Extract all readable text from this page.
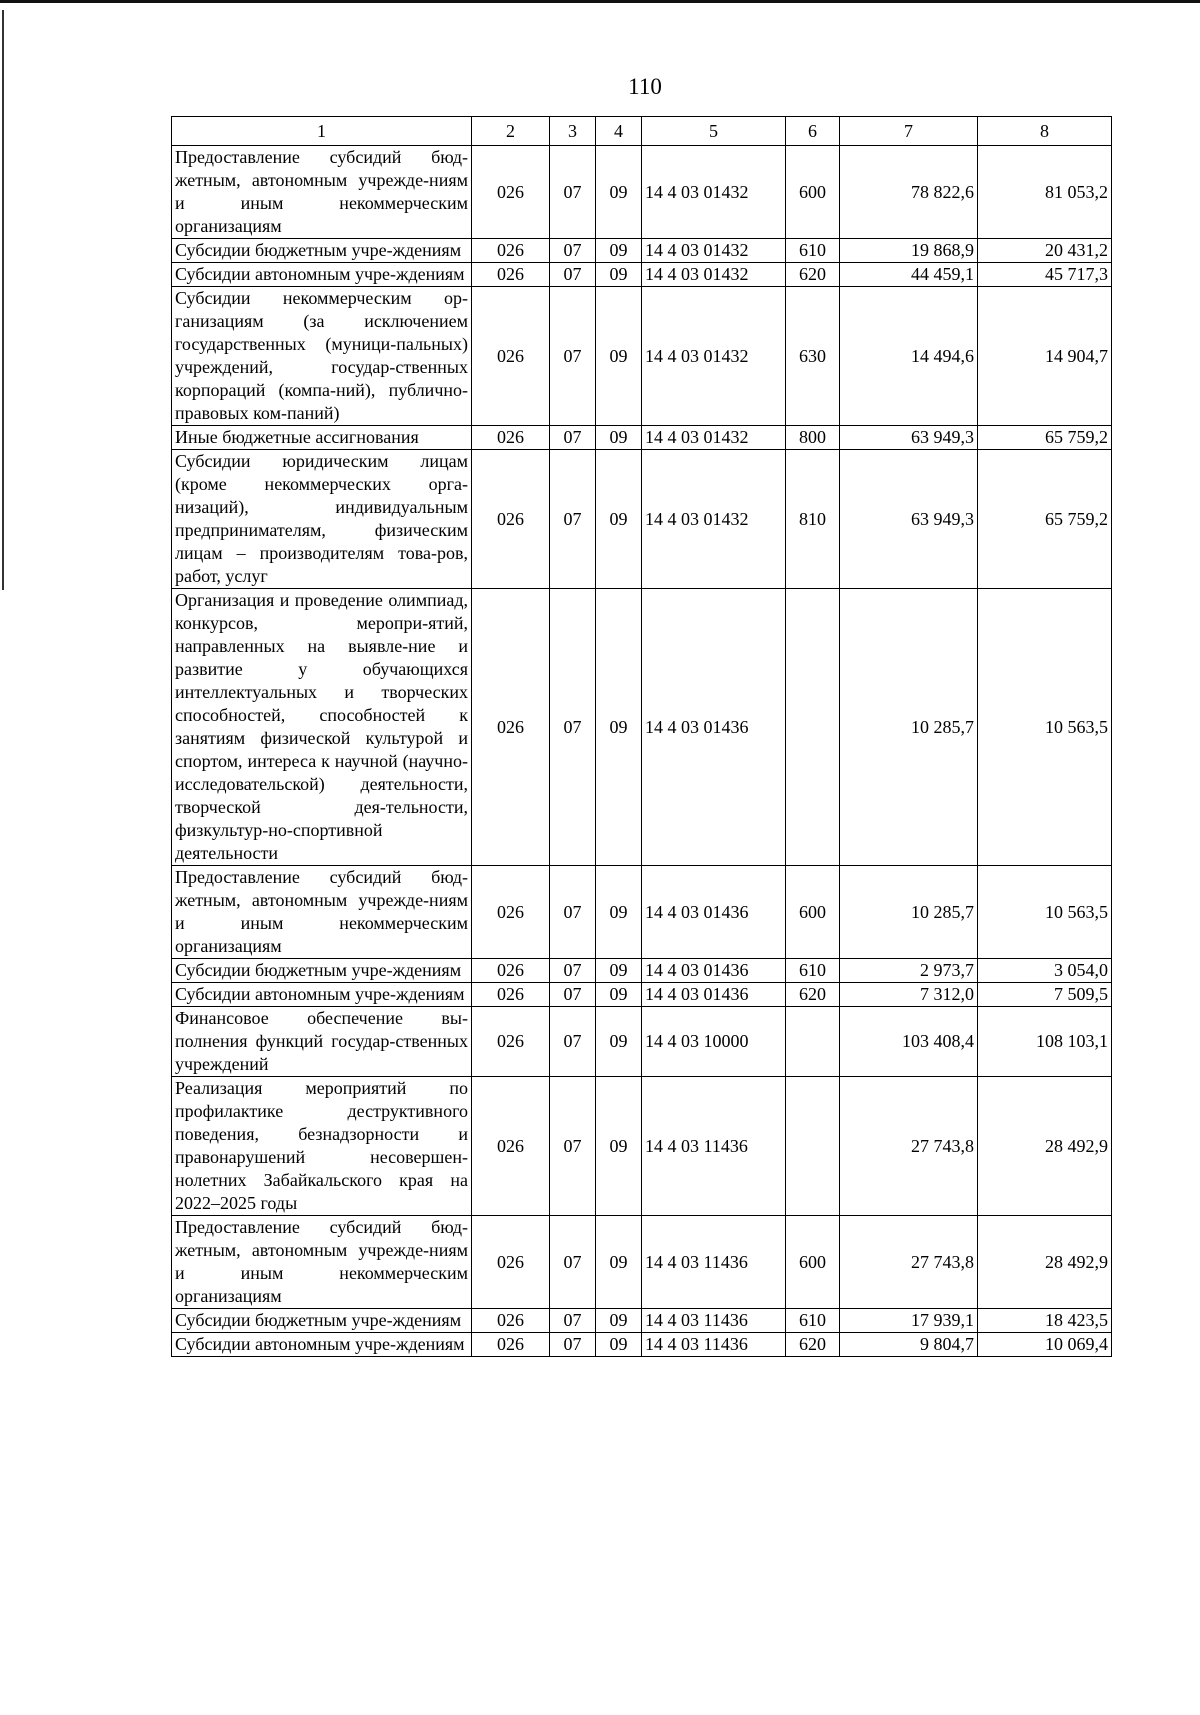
110
1	2	3	4	5	6	7	8
Предоставление субсидий бюд-жетным, автономным учрежде-ниям и иным некоммерческим организациям	026	07	09	14 4 03 01432	600	78 822,6	81 053,2
Субсидии бюджетным учре-ждениям	026	07	09	14 4 03 01432	610	19 868,9	20 431,2
Субсидии автономным учре-ждениям	026	07	09	14 4 03 01432	620	44 459,1	45 717,3
Субсидии некоммерческим ор-ганизациям (за исключением государственных (муници-пальных) учреждений, государ-ственных корпораций (компа-ний), публично-правовых ком-паний)	026	07	09	14 4 03 01432	630	14 494,6	14 904,7
Иные бюджетные ассигнования	026	07	09	14 4 03 01432	800	63 949,3	65 759,2
Субсидии юридическим лицам (кроме некоммерческих орга-низаций), индивидуальным предпринимателям, физическим лицам – производителям това-ров, работ, услуг	026	07	09	14 4 03 01432	810	63 949,3	65 759,2
Организация и проведение олимпиад, конкурсов, меропри-ятий, направленных на выявле-ние и развитие у обучающихся интеллектуальных и творческих способностей, способностей к занятиям физической культурой и спортом, интереса к научной (научно-исследовательской) деятельности, творческой дея-тельности, физкультур-но-спортивной деятельности	026	07	09	14 4 03 01436		10 285,7	10 563,5
Предоставление субсидий бюд-жетным, автономным учрежде-ниям и иным некоммерческим организациям	026	07	09	14 4 03 01436	600	10 285,7	10 563,5
Субсидии бюджетным учре-ждениям	026	07	09	14 4 03 01436	610	2 973,7	3 054,0
Субсидии автономным учре-ждениям	026	07	09	14 4 03 01436	620	7 312,0	7 509,5
Финансовое обеспечение вы-полнения функций государ-ственных учреждений	026	07	09	14 4 03 10000		103 408,4	108 103,1
Реализация мероприятий по профилактике деструктивного поведения, безнадзорности и правонарушений несовершен-нолетних Забайкальского края на 2022–2025 годы	026	07	09	14 4 03 11436		27 743,8	28 492,9
Предоставление субсидий бюд-жетным, автономным учрежде-ниям и иным некоммерческим организациям	026	07	09	14 4 03 11436	600	27 743,8	28 492,9
Субсидии бюджетным учре-ждениям	026	07	09	14 4 03 11436	610	17 939,1	18 423,5
Субсидии автономным учре-ждениям	026	07	09	14 4 03 11436	620	9 804,7	10 069,4
